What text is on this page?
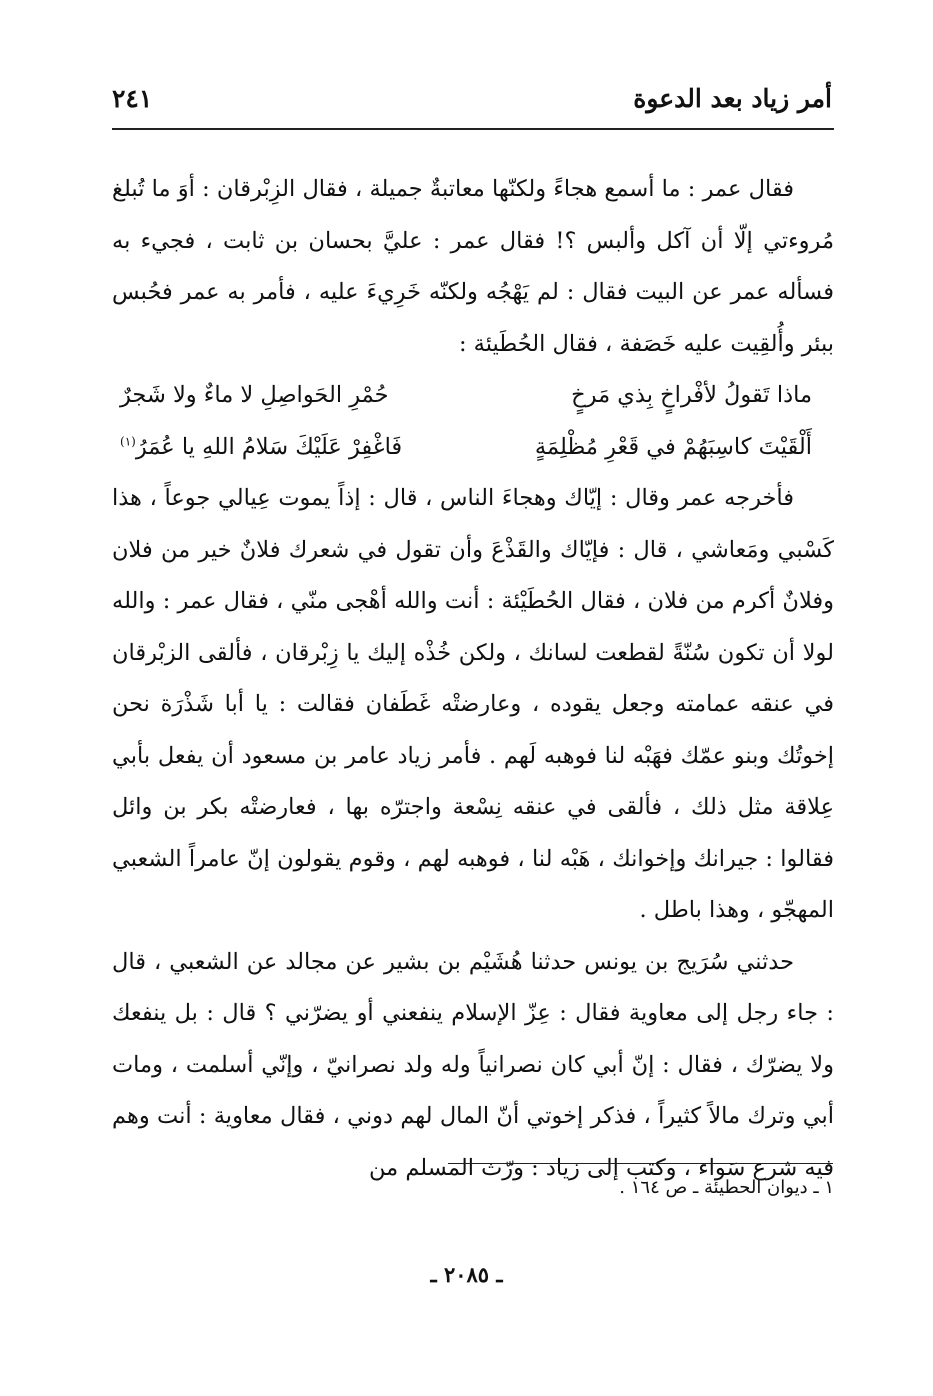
أمر زياد بعد الدعوة
٢٤١

فقال عمر : ما أسمع هجاءً ولكنّها معاتبةٌ جميلة ، فقال الزِبْرقان : أوَ ما تُبلغ مُروءتي إلّا أن آكل وألبس ؟! فقال عمر : عليَّ بحسان بن ثابت ، فجيء به فسأله عمر عن البيت فقال : لم يَهْجُه ولكنّه خَرِيءَ عليه ، فأمر به عمر فحُبس ببئر وأُلقِيت عليه خَصَفة ، فقال الحُطَيئة :

ماذا تَقولُ لأفْراخٍ بِذي مَرخٍ
حُمْرِ الحَواصِلِ لا ماءٌ ولا شَجرٌ
أَلْقَيْتَ كاسِبَهُمْ في قَعْرِ مُظْلِمَةٍ
فَاغْفِرْ عَلَيْكَ سَلامُ اللهِ يا عُمَرُ$^{(١)}$

فأخرجه عمر وقال : إيّاك وهجاءَ الناس ، قال : إذاً يموت عِيالي جوعاً ، هذا كَسْبي ومَعاشي ، قال : فإيّاك والقَذْعَ وأن تقول في شعرك فلانٌ خير من فلان وفلانٌ أكرم من فلان ، فقال الحُطَيْئة : أنت والله أهْجى منّي ، فقال عمر : والله لولا أن تكون سُنّةً لقطعت لسانك ، ولكن خُذْه إليك يا زِبْرقان ، فألقى الزبْرقان في عنقه عمامته وجعل يقوده ، وعارضتْه غَطَفان فقالت : يا أبا شَذْرَة نحن إخوتُك وبنو عمّك فهَبْه لنا فوهبه لَهم . فأمر زياد عامر بن مسعود أن يفعل بأبي عِلاقة مثل ذلك ، فألقى في عنقه نِسْعة واجترّه بها ، فعارضتْه بكر بن وائل فقالوا : جيرانك وإخوانك ، هَبْه لنا ، فوهبه لهم ، وقوم يقولون إنّ عامراً الشعبي المهجّو ، وهذا باطل .

حدثني سُرَيج بن يونس حدثنا هُشَيْم بن بشير عن مجالد عن الشعبي ، قال : جاء رجل إلى معاوية فقال : عِزّ الإسلام ينفعني أو يضرّني ؟ قال : بل ينفعك ولا يضرّك ، فقال : إنّ أبي كان نصرانياً وله ولد نصرانيّ ، وإنّي أسلمت ، ومات أبي وترك مالاً كثيراً ، فذكر إخوتي أنّ المال لهم دوني ، فقال معاوية : أنت وهم فيه شرع سَواء ، وكتب إلى زياد : ورّث المسلم من

١ ـ ديوان الحطيئة ـ ص ١٦٤ .
ـ ٢٠٨٥ ـ
